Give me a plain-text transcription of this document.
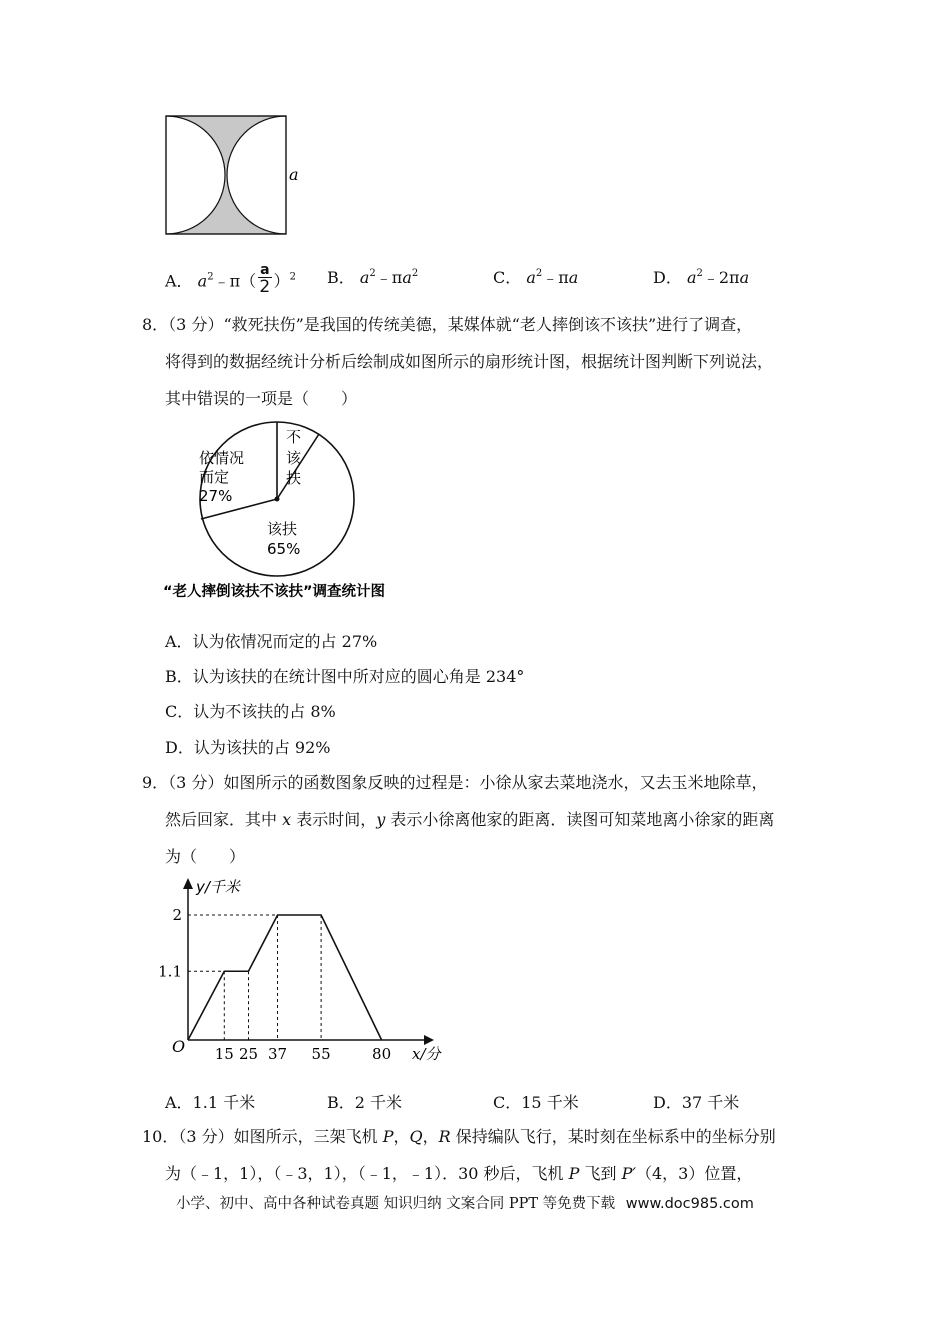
a
A． $a^2﹣\pi$（
a
2 ）$^2$ B． $a^2﹣\pi a^2$	C． $a^2﹣\pi a$	D． $a^2﹣2\pi a$
8．（3 分）“救死扶伤”是我国的传统美德，某媒体就“老人摔倒该不该扶”进行了调查，
将得到的数据经统计分析后绘制成如图所示的扇形统计图，根据统计图判断下列说法，
其中错误的一项是（　　）
依情况
而定
27%
不
该
扶
该扶
65%
“老人摔倒该扶不该扶”调查统计图
A．认为依情况而定的占 27%
B．认为该扶的在统计图中所对应的圆心角是 234°
C．认为不该扶的占 8%
D．认为该扶的占 92%
9．（3 分）如图所示的函数图象反映的过程是：小徐从家去菜地浇水，又去玉米地除草，
然后回家．其中 x 表示时间，y 表示小徐离他家的距离．读图可知菜地离小徐家的距离
为（　　）
y/千米
x/分
O
1.1
2
15 25 37 55	80
A．1.1 千米	B．2 千米	C．15 千米	D．37 千米
10．（3 分）如图所示，三架飞机 P，Q，R 保持编队飞行，某时刻在坐标系中的坐标分别
为（﹣1，1），（﹣3，1），（﹣1，﹣1）．30 秒后，飞机 P 飞到 P′（4，3）位置，
小学、初中、高中各种试卷真题 知识归纳 文案合同 PPT 等免费下载 www.doc985.com
